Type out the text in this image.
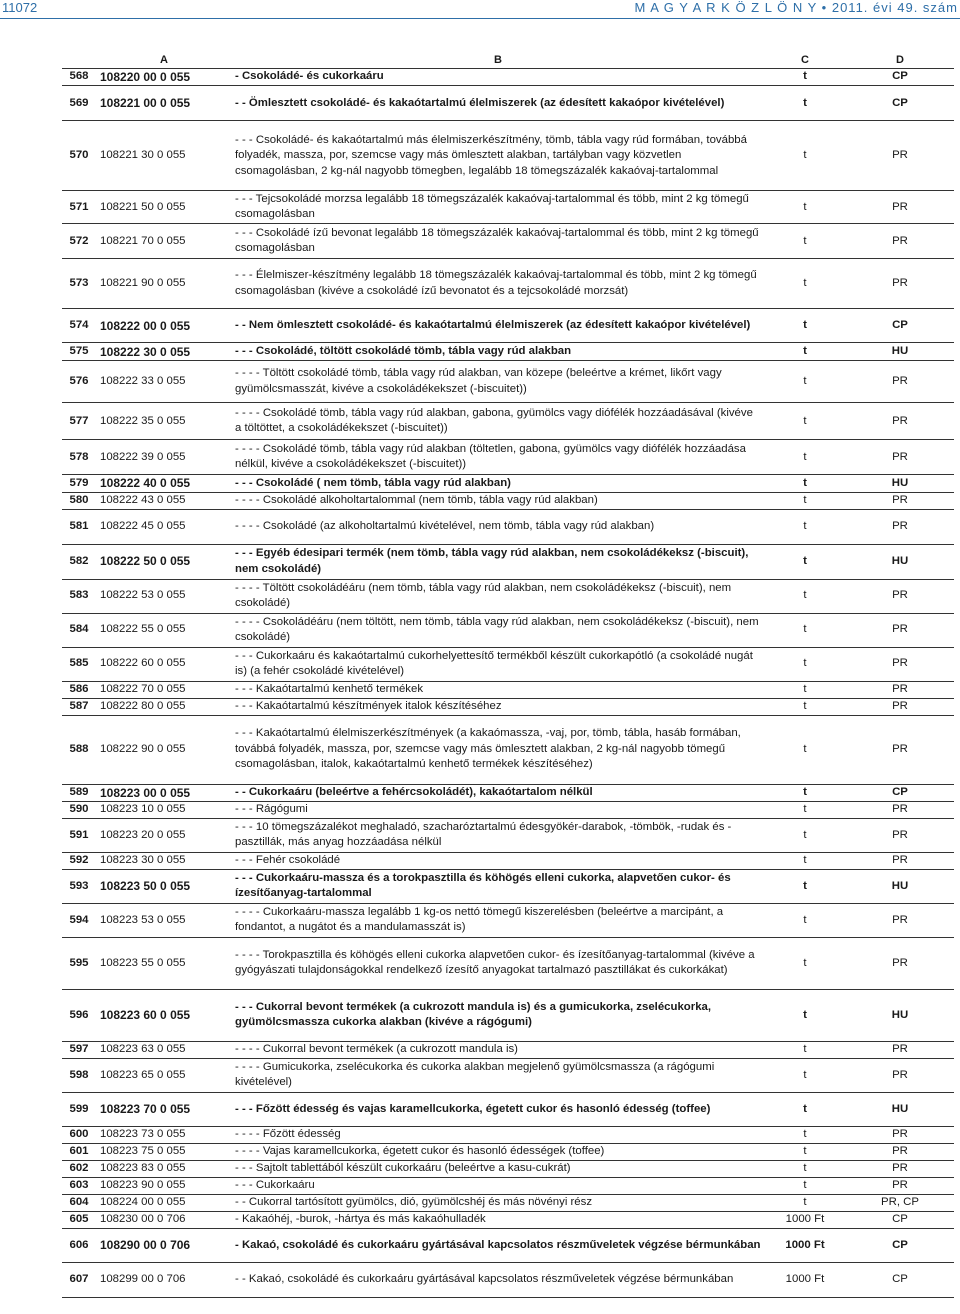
11072	M A G Y A R K Ö Z L Ö N Y • 2011. évi 49. szám
	A	B	C	D
568	108220 00 0 055	- Csokoládé- és cukorkaáru	t	CP
569	108221 00 0 055	- - Ömlesztett csokoládé- és kakaótartalmú élelmiszerek (az édesített kakaópor kivételével)	t	CP
570	108221 30 0 055	- - - Csokoládé- és kakaótartalmú más élelmiszerkészítmény, tömb, tábla vagy rúd formában, továbbá folyadék, massza, por, szemcse vagy más ömlesztett alakban, tartályban vagy közvetlen csomagolásban, 2 kg-nál nagyobb tömegben, legalább 18 tömegszázalék kakaóvaj-tartalommal	t	PR
571	108221 50 0 055	- - - Tejcsokoládé morzsa legalább 18 tömegszázalék kakaóvaj-tartalommal és több, mint 2 kg tömegű csomagolásban	t	PR
572	108221 70 0 055	- - - Csokoládé ízű bevonat legalább 18 tömegszázalék kakaóvaj-tartalommal és több, mint 2 kg tömegű csomagolásban	t	PR
573	108221 90 0 055	- - - Élelmiszer-készítmény legalább 18 tömegszázalék kakaóvaj-tartalommal és több, mint 2 kg tömegű csomagolásban (kivéve a csokoládé ízű bevonatot és a tejcsokoládé morzsát)	t	PR
574	108222 00 0 055	- - Nem ömlesztett csokoládé- és kakaótartalmú élelmiszerek (az édesített kakaópor kivételével)	t	CP
575	108222 30 0 055	- - - Csokoládé, töltött csokoládé tömb, tábla vagy rúd alakban	t	HU
576	108222 33 0 055	- - - - Töltött csokoládé tömb, tábla vagy rúd alakban, van közepe (beleértve a krémet, likőrt vagy gyümölcsmasszát, kivéve a csokoládékekszet (-biscuitet))	t	PR
577	108222 35 0 055	- - - - Csokoládé tömb, tábla vagy rúd alakban, gabona, gyümölcs vagy diófélék hozzáadásával (kivéve a töltöttet, a csokoládékekszet (-biscuitet))	t	PR
578	108222 39 0 055	- - - - Csokoládé tömb, tábla vagy rúd alakban (töltetlen, gabona, gyümölcs vagy diófélék hozzáadása nélkül, kivéve a csokoládékekszet (-biscuitet))	t	PR
579	108222 40 0 055	- - - Csokoládé ( nem tömb, tábla vagy rúd alakban)	t	HU
580	108222 43 0 055	- - - - Csokoládé alkoholtartalommal (nem tömb, tábla vagy rúd alakban)	t	PR
581	108222 45 0 055	- - - - Csokoládé (az alkoholtartalmú kivételével, nem tömb, tábla vagy rúd alakban)	t	PR
582	108222 50 0 055	- - - Egyéb édesipari termék (nem tömb, tábla vagy rúd alakban, nem csokoládékeksz (-biscuit), nem csokoládé)	t	HU
583	108222 53 0 055	- - - - Töltött csokoládéáru (nem tömb, tábla vagy rúd alakban, nem csokoládékeksz (-biscuit), nem csokoládé)	t	PR
584	108222 55 0 055	- - - - Csokoládéáru (nem töltött, nem tömb, tábla vagy rúd alakban, nem csokoládékeksz (-biscuit), nem csokoládé)	t	PR
585	108222 60 0 055	- - - Cukorkaáru és kakaótartalmú cukorhelyettesítő termékből készült cukorkapótló (a csokoládé nugát is) (a fehér csokoládé kivételével)	t	PR
586	108222 70 0 055	- - - Kakaótartalmú kenhető termékek	t	PR
587	108222 80 0 055	- - - Kakaótartalmú készítmények italok készítéséhez	t	PR
588	108222 90 0 055	- - - Kakaótartalmú élelmiszerkészítmények (a kakaómassza, -vaj, por, tömb, tábla, hasáb formában, továbbá folyadék, massza, por, szemcse vagy más ömlesztett alakban, 2 kg-nál nagyobb tömegű csomagolásban, italok, kakaótartalmú kenhető termékek készítéséhez)	t	PR
589	108223 00 0 055	- - Cukorkaáru (beleértve a fehércsokoládét), kakaótartalom nélkül	t	CP
590	108223 10 0 055	- - - Rágógumi	t	PR
591	108223 20 0 055	- - - 10 tömegszázalékot meghaladó, szacharóztartalmú édesgyökér-darabok, -tömbök, -rudak és -pasztillák, más anyag hozzáadása nélkül	t	PR
592	108223 30 0 055	- - - Fehér csokoládé	t	PR
593	108223 50 0 055	- - - Cukorkaáru-massza és a torokpasztilla és köhögés elleni cukorka, alapvetően cukor- és ízesítőanyag-tartalommal	t	HU
594	108223 53 0 055	- - - - Cukorkaáru-massza legalább 1 kg-os nettó tömegű kiszerelésben (beleértve a marcipánt, a fondantot, a nugátot és a mandulamasszát is)	t	PR
595	108223 55 0 055	- - - - Torokpasztilla és köhögés elleni cukorka alapvetően cukor- és ízesítőanyag-tartalommal (kivéve a gyógyászati tulajdonságokkal rendelkező ízesítő anyagokat tartalmazó pasztillákat és cukorkákat)	t	PR
596	108223 60 0 055	- - - Cukorral bevont termékek (a cukrozott mandula is) és a gumicukorka, zselécukorka, gyümölcsmassza cukorka alakban (kivéve a rágógumi)	t	HU
597	108223 63 0 055	- - - - Cukorral bevont termékek (a cukrozott mandula is)	t	PR
598	108223 65 0 055	- - - - Gumicukorka, zselécukorka és cukorka alakban megjelenő gyümölcsmassza (a rágógumi kivételével)	t	PR
599	108223 70 0 055	- - - Főzött édesség és vajas karamellcukorka, égetett cukor és hasonló édesség (toffee)	t	HU
600	108223 73 0 055	- - - - Főzött édesség	t	PR
601	108223 75 0 055	- - - - Vajas karamellcukorka, égetett cukor és hasonló édességek (toffee)	t	PR
602	108223 83 0 055	- - - Sajtolt tablettából készült cukorkaáru (beleértve a kasu-cukrát)	t	PR
603	108223 90 0 055	- - - Cukorkaáru	t	PR
604	108224 00 0 055	- - Cukorral tartósított gyümölcs, dió, gyümölcshéj és más növényi rész	t	PR, CP
605	108230 00 0 706	- Kakaóhéj, -burok, -hártya és más kakaóhulladék	1000 Ft	CP
606	108290 00 0 706	- Kakaó, csokoládé és cukorkaáru gyártásával kapcsolatos részműveletek végzése bérmunkában	1000 Ft	CP
607	108299 00 0 706	- - Kakaó, csokoládé és cukorkaáru gyártásával kapcsolatos részműveletek végzése bérmunkában	1000 Ft	CP
